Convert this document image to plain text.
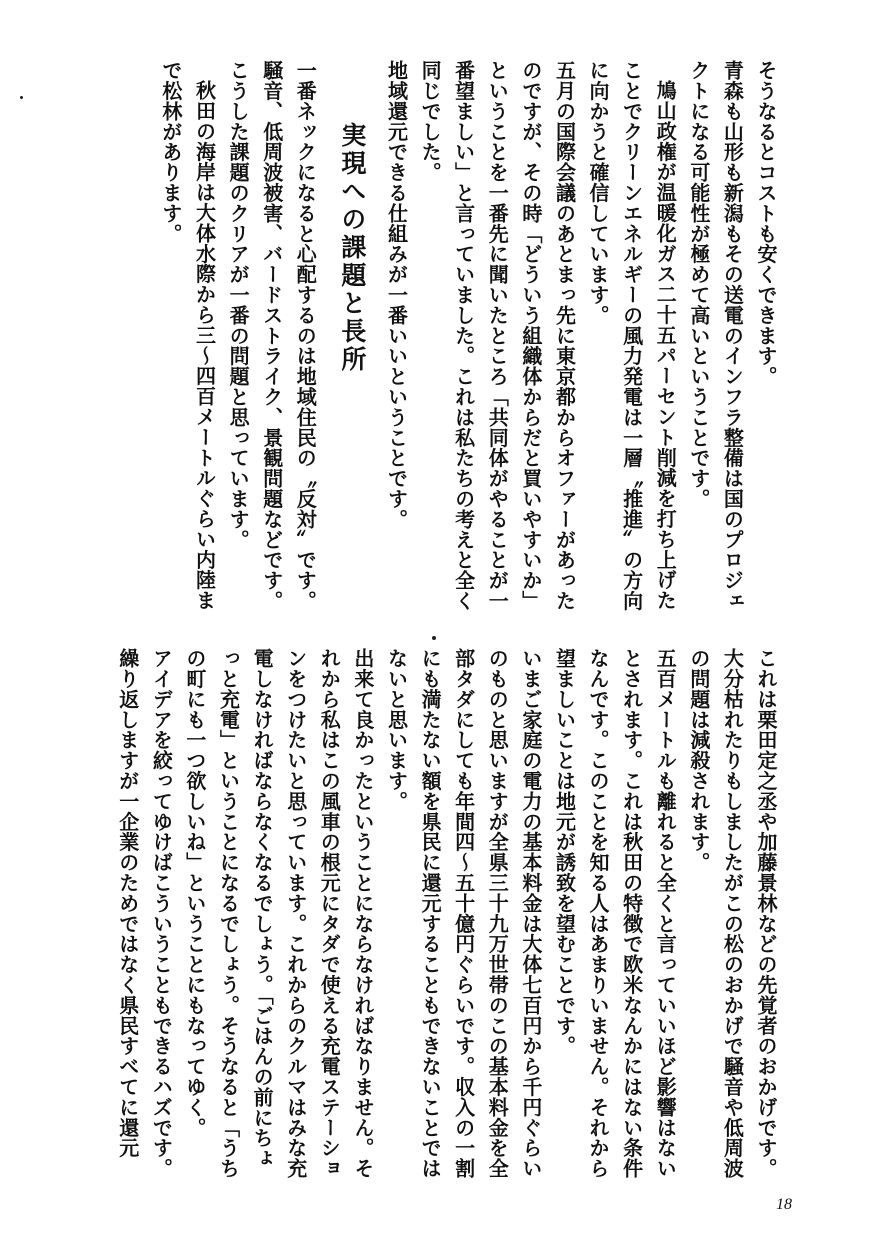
そうなるとコストも安くできます。

青森も山形も新潟もその送電のインフラ整備は国のプロジェクトになる可能性が極めて高いということです。

鳩山政権が温暖化ガス二十五パーセント削減を打ち上げたことでクリーンエネルギーの風力発電は一層〝推進〟の方向に向かうと確信しています。

五月の国際会議のあとまっ先に東京都からオファーがあったのですが、その時「どういう組織体からだと買いやすいか」ということを一番先に聞いたところ「共同体がやることが一番望ましい」と言っていました。これは私たちの考えと全く同じでした。

地域還元できる仕組みが一番いいということです。

実現への課題と長所

一番ネックになると心配するのは地域住民の〝反対〟です。騒音、低周波被害、バードストライク、景観問題などです。こうした課題のクリアが一番の問題と思っています。

秋田の海岸は大体水際から三〜四百メートルぐらい内陸まで松林があります。

これは栗田定之丞や加藤景林などの先覚者のおかげです。大分枯れたりもしましたがこの松のおかげで騒音や低周波の問題は減殺されます。

五百メートルも離れると全くと言っていいほど影響はないとされます。これは秋田の特徴で欧米なんかにはない条件なんです。このことを知る人はあまりいません。それから望ましいことは地元が誘致を望むことです。

いまご家庭の電力の基本料金は大体七百円から千円ぐらいのものと思いますが全県三十九万世帯のこの基本料金を全部タダにしても年間四〜五十億円ぐらいです。収入の一割にも満たない額を県民に還元することもできないことではないと思います。

出来て良かったということにならなければなりません。それから私はこの風車の根元にタダで使える充電ステーションをつけたいと思っています。これからのクルマはみな充電しなければならなくなるでしょう。「ごはんの前にちょっと充電」ということになるでしょう。そうなると「うちの町にも一つ欲しいね」ということにもなってゆく。

アイデアを絞ってゆけばこういうこともできるハズです。繰り返しますが一企業のためではなく県民すべてに還元

18
